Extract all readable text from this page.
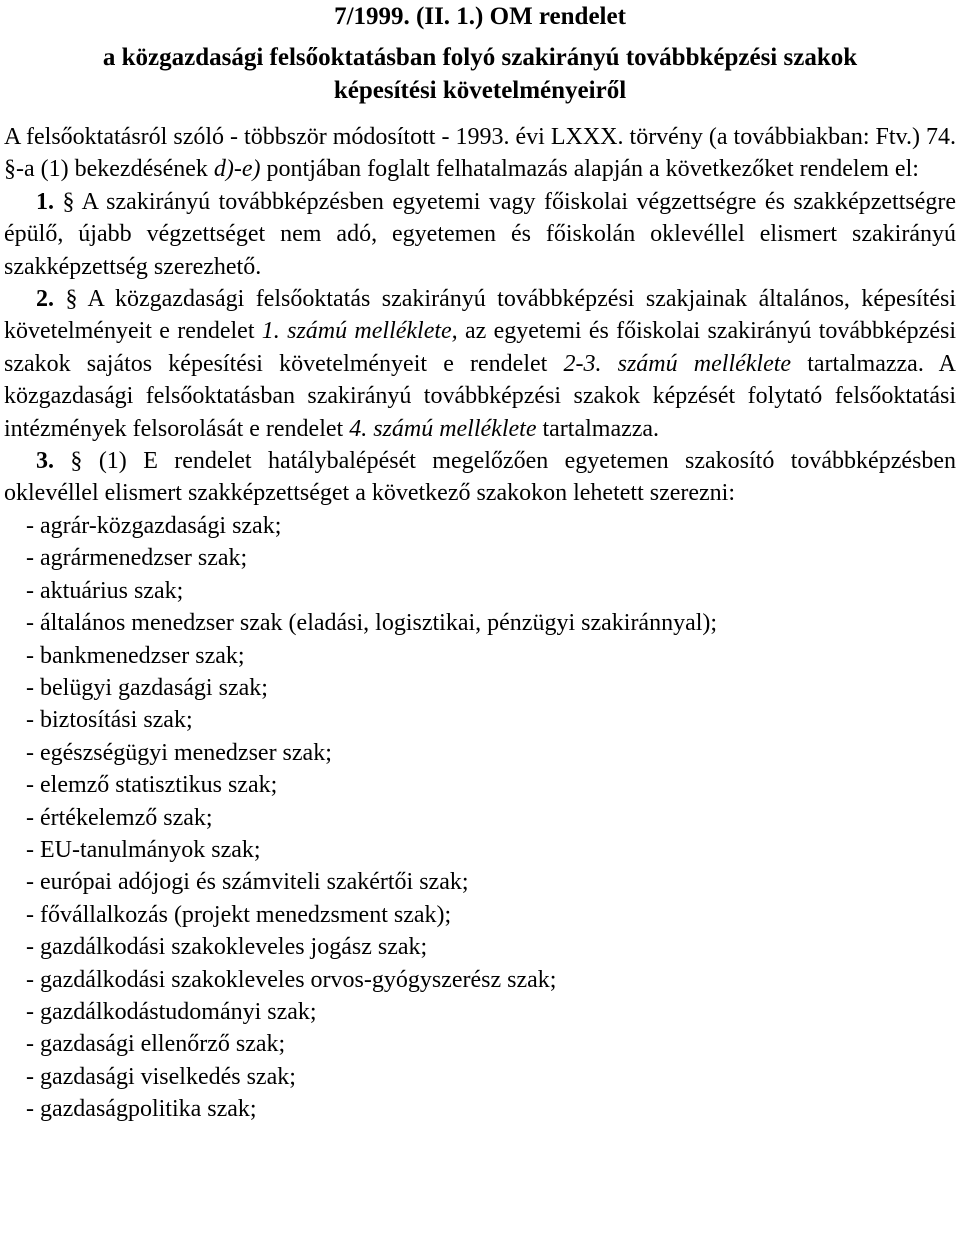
7/1999. (II. 1.) OM rendelet
a közgazdasági felsőoktatásban folyó szakirányú továbbképzési szakok
képesítési követelményeiről

A felsőoktatásról szóló - többször módosított - 1993. évi LXXX. törvény (a továbbiakban: Ftv.) 74. §-a (1) bekezdésének d)-e) pontjában foglalt felhatalmazás alapján a következőket rendelem el:

1. § A szakirányú továbbképzésben egyetemi vagy főiskolai végzettségre és szakképzettségre épülő, újabb végzettséget nem adó, egyetemen és főiskolán oklevéllel elismert szakirányú szakképzettség szerezhető.

2. § A közgazdasági felsőoktatás szakirányú továbbképzési szakjainak általános, képesítési követelményeit e rendelet 1. számú melléklete, az egyetemi és főiskolai szakirányú továbbképzési szakok sajátos képesítési követelményeit e rendelet 2-3. számú melléklete tartalmazza. A közgazdasági felsőoktatásban szakirányú továbbképzési szakok képzését folytató felsőoktatási intézmények felsorolását e rendelet 4. számú melléklete tartalmazza.

3. § (1) E rendelet hatálybalépését megelőzően egyetemen szakosító továbbképzésben oklevéllel elismert szakképzettséget a következő szakokon lehetett szerezni:

- agrár-közgazdasági szak;
- agrármenedzser szak;
- aktuárius szak;
- általános menedzser szak (eladási, logisztikai, pénzügyi szakiránnyal);
- bankmenedzser szak;
- belügyi gazdasági szak;
- biztosítási szak;
- egészségügyi menedzser szak;
- elemző statisztikus szak;
- értékelemző szak;
- EU-tanulmányok szak;
- európai adójogi és számviteli szakértői szak;
- fővállalkozás (projekt menedzsment szak);
- gazdálkodási szakokleveles jogász szak;
- gazdálkodási szakokleveles orvos-gyógyszerész szak;
- gazdálkodástudományi szak;
- gazdasági ellenőrző szak;
- gazdasági viselkedés szak;
- gazdaságpolitika szak;
